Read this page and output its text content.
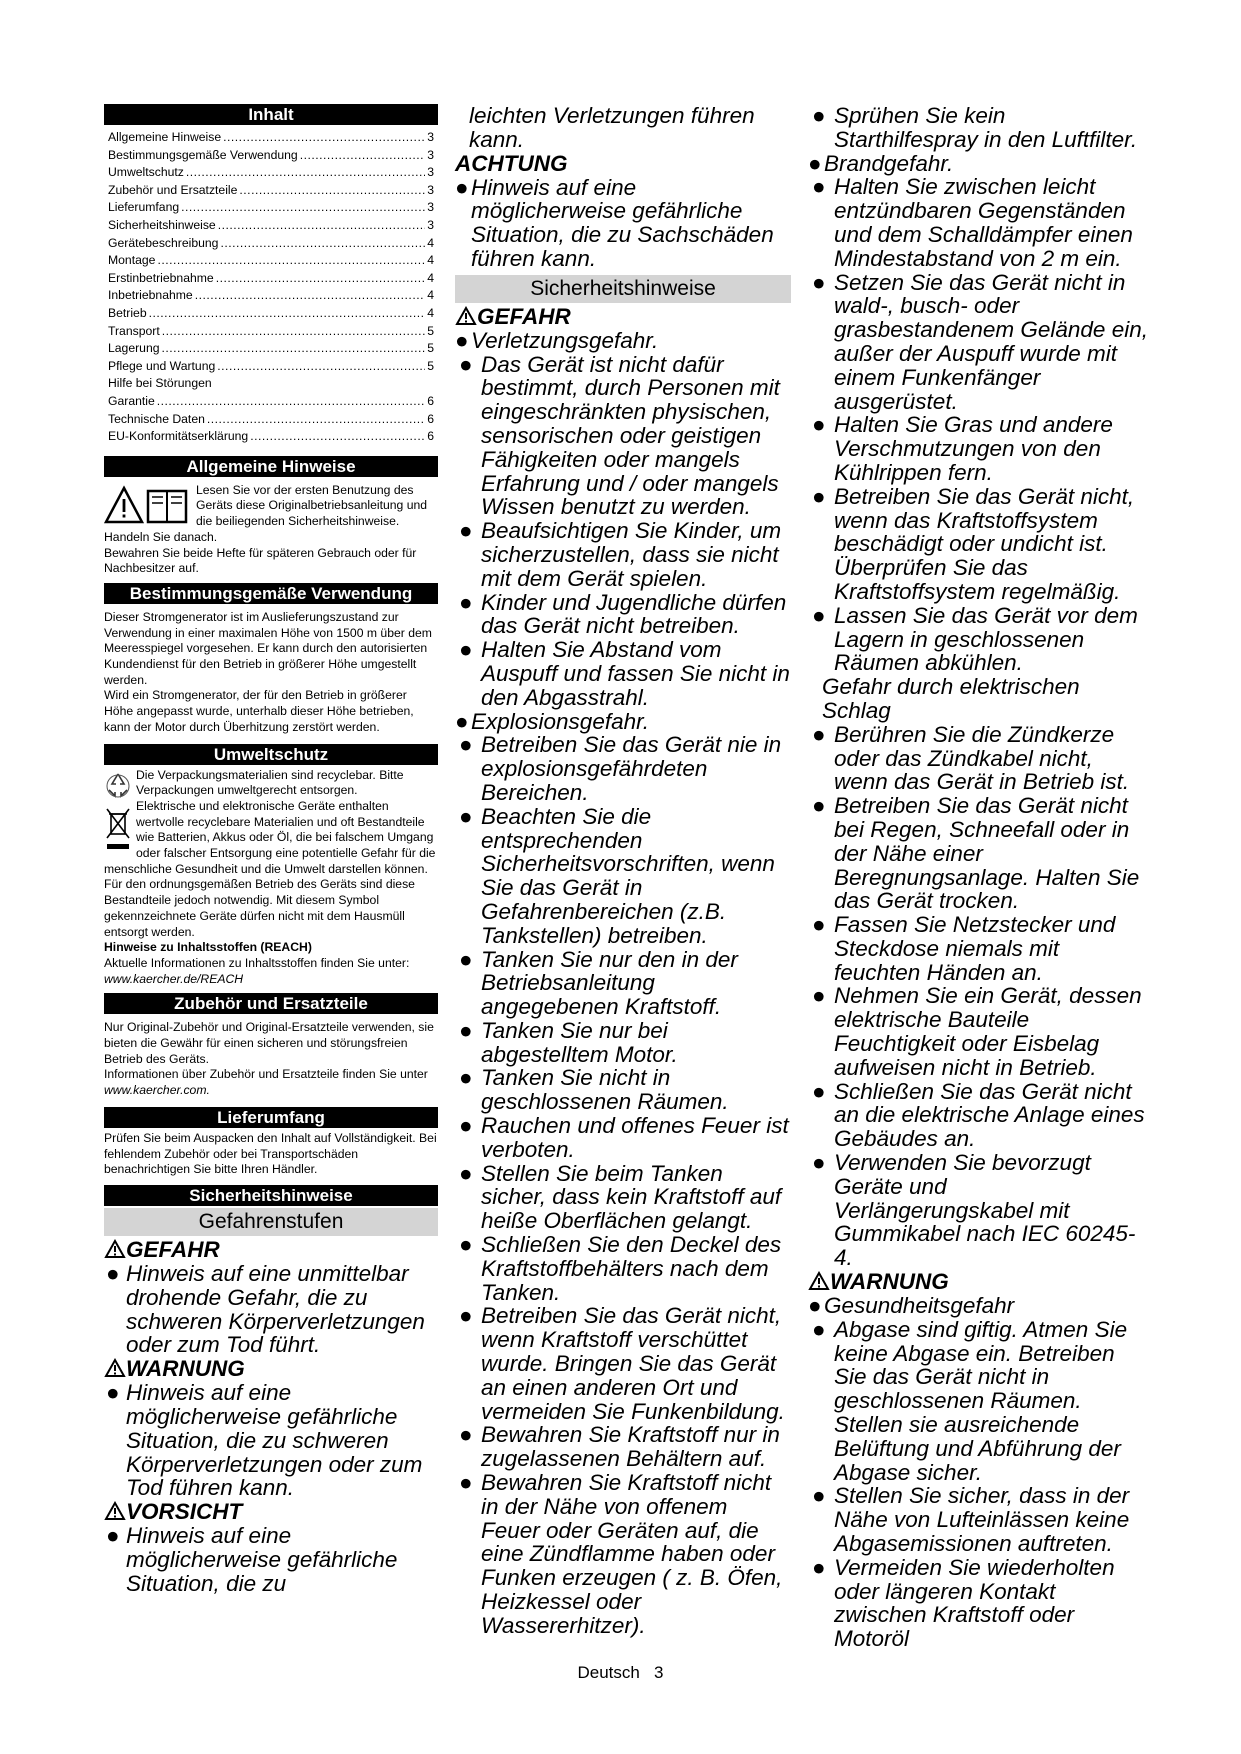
Inhalt
Allgemeine Hinweise .....	3
Bestimmungsgemäße Verwendung .....	3
Umweltschutz .....	3
Zubehör und Ersatzteile .....	3
Lieferumfang .....	3
Sicherheitshinweise .....	3
Gerätebeschreibung .....	4
Montage .....	4
Erstinbetriebnahme .....	4
Inbetriebnahme .....	4
Betrieb .....	4
Transport .....	5
Lagerung .....	5
Pflege und Wartung .....	5
Hilfe bei Störungen
Garantie .....	6
Technische Daten .....	6
EU-Konformitätserklärung .....	6
Allgemeine Hinweise

Lesen Sie vor der ersten Benutzung des Geräts diese Originalbetriebsanleitung und die beiliegenden Sicherheitshinweise. Handeln Sie danach.

Bewahren Sie beide Hefte für späteren Gebrauch oder für Nachbesitzer auf.

Bestimmungsgemäße Verwendung

Dieser Stromgenerator ist im Auslieferungszustand zur Verwendung in einer maximalen Höhe von 1500 m über dem Meeresspiegel vorgesehen. Er kann durch den autorisierten Kundendienst für den Betrieb in größerer Höhe umgestellt werden.

Wird ein Stromgenerator, der für den Betrieb in größerer Höhe angepasst wurde, unterhalb dieser Höhe betrieben, kann der Motor durch Überhitzung zerstört werden.

Umweltschutz

Die Verpackungsmaterialien sind recyclebar. Bitte Verpackungen umweltgerecht entsorgen.

Elektrische und elektronische Geräte enthalten wertvolle recyclebare Materialien und oft Bestandteile wie Batterien, Akkus oder Öl, die bei falschem Umgang oder falscher Entsorgung eine potentielle Gefahr für die menschliche Gesundheit und die Umwelt darstellen können. Für den ordnungsgemäßen Betrieb des Geräts sind diese Bestandteile jedoch notwendig. Mit diesem Symbol gekennzeichnete Geräte dürfen nicht mit dem Hausmüll entsorgt werden.

Hinweise zu Inhaltsstoffen (REACH)

Aktuelle Informationen zu Inhaltsstoffen finden Sie unter: www.kaercher.de/REACH

Zubehör und Ersatzteile

Nur Original-Zubehör und Original-Ersatzteile verwenden, sie bieten die Gewähr für einen sicheren und störungsfreien Betrieb des Geräts.

Informationen über Zubehör und Ersatzteile finden Sie unter www.kaercher.com.

Lieferumfang

Prüfen Sie beim Auspacken den Inhalt auf Vollständigkeit. Bei fehlendem Zubehör oder bei Transportschäden benachrichtigen Sie bitte Ihren Händler.

Sicherheitshinweise
Gefahrenstufen
GEFAHR
● Hinweis auf eine unmittelbar drohende Gefahr, die zu schweren Körperverletzungen oder zum Tod führt.
WARNUNG
● Hinweis auf eine möglicherweise gefährliche Situation, die zu schweren Körperverletzungen oder zum Tod führen kann.
VORSICHT
● Hinweis auf eine möglicherweise gefährliche Situation, die zu

leichten Verletzungen führen kann.

ACHTUNG
● Hinweis auf eine möglicherweise gefährliche Situation, die zu Sachschäden führen kann.
Sicherheitshinweise
GEFAHR
● Verletzungsgefahr.
● Das Gerät ist nicht dafür bestimmt, durch Personen mit eingeschränkten physischen, sensorischen oder geistigen Fähigkeiten oder mangels Erfahrung und / oder mangels Wissen benutzt zu werden.
● Beaufsichtigen Sie Kinder, um sicherzustellen, dass sie nicht mit dem Gerät spielen.
● Kinder und Jugendliche dürfen das Gerät nicht betreiben.
● Halten Sie Abstand vom Auspuff und fassen Sie nicht in den Abgasstrahl.
● Explosionsgefahr.
● Betreiben Sie das Gerät nie in explosionsgefährdeten Bereichen.
● Beachten Sie die entsprechenden Sicherheitsvorschriften, wenn Sie das Gerät in Gefahrenbereichen (z.B. Tankstellen) betreiben.
● Tanken Sie nur den in der Betriebsanleitung angegebenen Kraftstoff.
● Tanken Sie nur bei abgestelltem Motor.
● Tanken Sie nicht in geschlossenen Räumen.
● Rauchen und offenes Feuer ist verboten.
● Stellen Sie beim Tanken sicher, dass kein Kraftstoff auf heiße Oberflächen gelangt.
● Schließen Sie den Deckel des Kraftstoffbehälters nach dem Tanken.
● Betreiben Sie das Gerät nicht, wenn Kraftstoff verschüttet wurde. Bringen Sie das Gerät an einen anderen Ort und vermeiden Sie Funkenbildung.
● Bewahren Sie Kraftstoff nur in zugelassenen Behältern auf.
● Bewahren Sie Kraftstoff nicht in der Nähe von offenem Feuer oder Geräten auf, die eine Zündflamme haben oder Funken erzeugen ( z. B. Öfen, Heizkessel oder Wassererhitzer).
● Sprühen Sie kein Starthilfespray in den Luftfilter.
● Brandgefahr.
● Halten Sie zwischen leicht entzündbaren Gegenständen und dem Schalldämpfer einen Mindestabstand von 2 m ein.
● Setzen Sie das Gerät nicht in wald-, busch- oder grasbestandenem Gelände ein, außer der Auspuff wurde mit einem Funkenfänger ausgerüstet.
● Halten Sie Gras und andere Verschmutzungen von den Kühlrippen fern.
● Betreiben Sie das Gerät nicht, wenn das Kraftstoffsystem beschädigt oder undicht ist. Überprüfen Sie das Kraftstoffsystem regelmäßig.
● Lassen Sie das Gerät vor dem Lagern in geschlossenen Räumen abkühlen.

Gefahr durch elektrischen Schlag

● Berühren Sie die Zündkerze oder das Zündkabel nicht, wenn das Gerät in Betrieb ist.
● Betreiben Sie das Gerät nicht bei Regen, Schneefall oder in der Nähe einer Beregnungsanlage. Halten Sie das Gerät trocken.
● Fassen Sie Netzstecker und Steckdose niemals mit feuchten Händen an.
● Nehmen Sie ein Gerät, dessen elektrische Bauteile Feuchtigkeit oder Eisbelag aufweisen nicht in Betrieb.
● Schließen Sie das Gerät nicht an die elektrische Anlage eines Gebäudes an.
● Verwenden Sie bevorzugt Geräte und Verlängerungskabel mit Gummikabel nach IEC 60245-4.
WARNUNG
● Gesundheitsgefahr
● Abgase sind giftig. Atmen Sie keine Abgase ein. Betreiben Sie das Gerät nicht in geschlossenen Räumen. Stellen sie ausreichende Belüftung und Abführung der Abgase sicher.
● Stellen Sie sicher, dass in der Nähe von Lufteinlässen keine Abgasemissionen auftreten.
● Vermeiden Sie wiederholten oder längeren Kontakt zwischen Kraftstoff oder Motoröl
Deutsch 3
